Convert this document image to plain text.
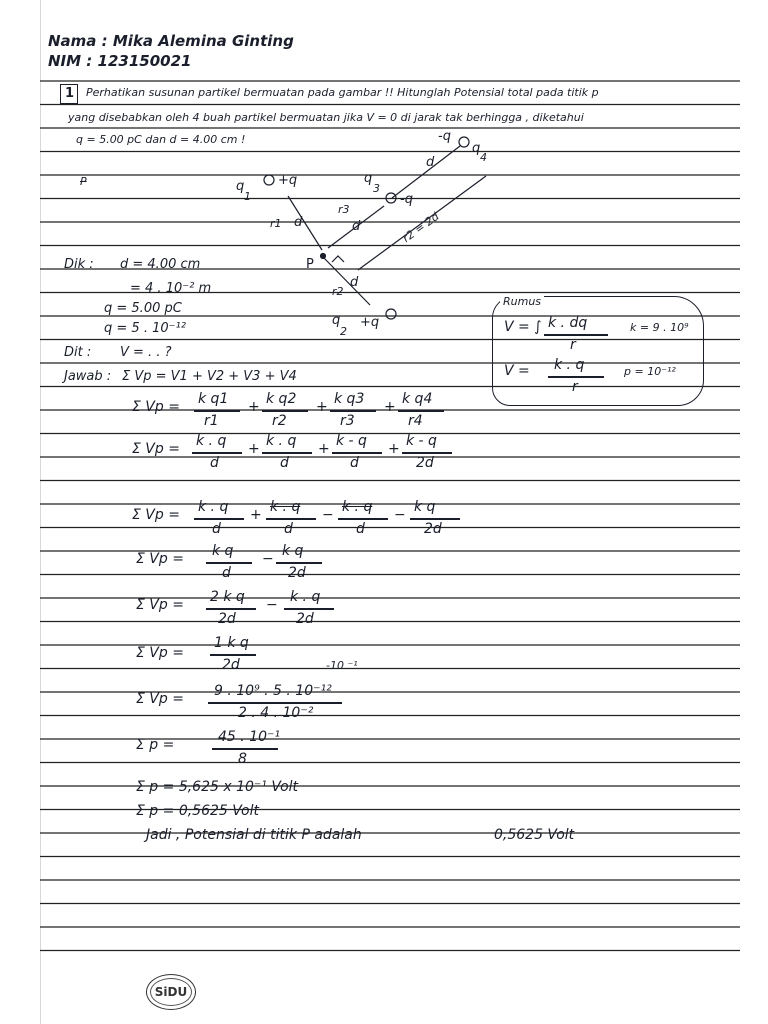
Nama : Mika Alemina Ginting
NIM : 123150021
1 Perhatikan susunan partikel bermuatan pada gambar !! Hitunglah Potensial total pada titik p
yang disebabkan oleh 4 buah partikel bermuatan jika V = 0 di jarak tak berhingga , diketahui
q = 5.00 pC dan d = 4.00 cm !
+q
q
1
q
3
-q
-q
q
4
q
2
+q
P
d
d	d
d
r1
r3
r2
r2 = 2d
P
Dik : d = 4.00 cm
= 4 . 10⁻² m
q = 5.00 pC
q = 5 . 10⁻¹²
Dit : V = . . ?
Jawab : Σ Vp = V1 + V2 + V3 + V4
Rumus
V = ∫ k . dq
r
k = 9 . 10⁹
V = k . q
r
p = 10⁻¹²
Σ Vp = k q1
r1
+ k q2
r2
+ k q3
r3
+ k q4
r4
Σ Vp = k . q
d
+ k . q
d
+ k - q
d
+ k - q
2d
Σ Vp = k . q
d
+ k . q
d
− k . q
d
− k q
2d
Σ Vp = k q
d
− k q
2d
Σ Vp = 2 k q
2d
− k . q
2d
Σ Vp =
1 k q
2d	-10 ⁻¹
Σ Vp = 9 . 10⁹ . 5 . 10⁻¹²
2 . 4 . 10⁻²
Σ p =	45 . 10⁻¹
8
Σ p = 5,625 x 10⁻¹ Volt
Σ p = 0,5625 Volt
Jadi , Potensial di titik P adalah	0,5625 Volt
SiDU
